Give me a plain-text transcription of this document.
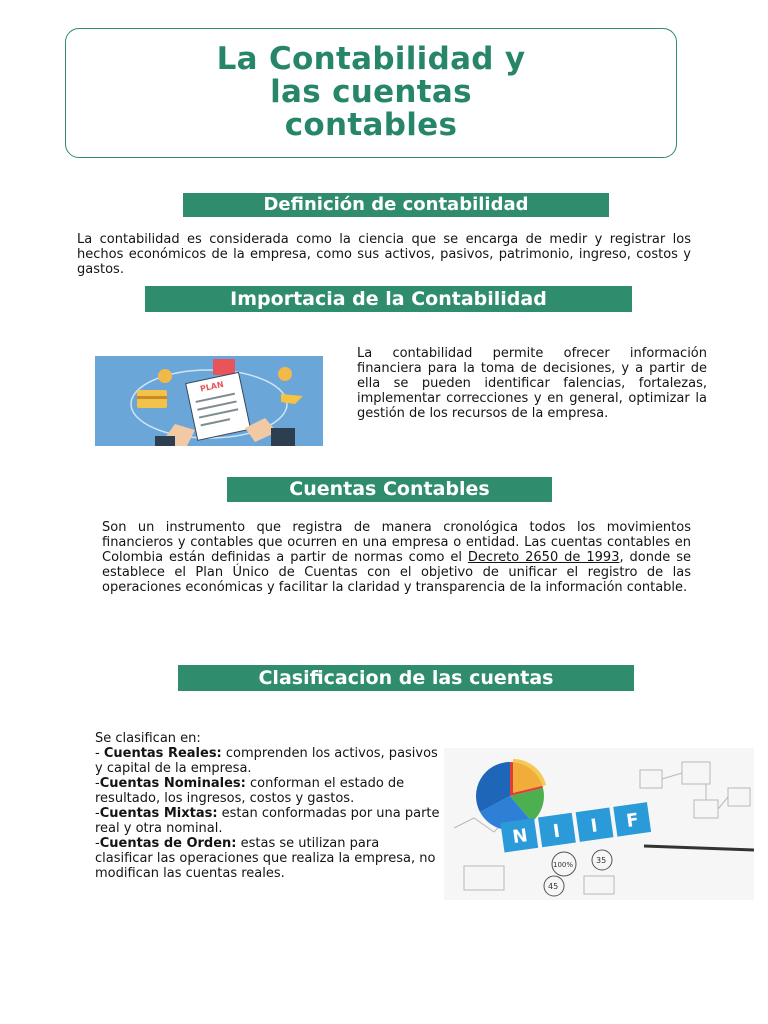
La Contabilidad y
las cuentas
contables
Definición de contabilidad

La contabilidad es considerada como la ciencia que se encarga de medir y registrar los hechos económicos de la empresa, como sus activos, pasivos, patrimonio, ingreso, costos y gastos.

Importacia de la Contabilidad
PLAN

La contabilidad permite ofrecer información financiera para la toma de decisiones, y a partir de ella se pueden identificar falencias, fortalezas, implementar correcciones y en general, optimizar la gestión de los recursos de la empresa.

Cuentas Contables

Son un instrumento que registra de manera cronológica todos los movimientos financieros y contables que ocurren en una empresa o entidad. Las cuentas contables en Colombia están definidas a partir de normas como el Decreto 2650 de 1993, donde se establece el Plan Único de Cuentas con el objetivo de unificar el registro de las operaciones económicas y facilitar la claridad y transparencia de la información contable.

Clasificacion de las cuentas

Se clasifican en:

- Cuentas Reales: comprenden los activos, pasivos y capital de la empresa.

-Cuentas Nominales: conforman el estado de resultado, los ingresos, costos y gastos.

-Cuentas Mixtas: estan conformadas por una parte real y otra nominal.

-Cuentas de Orden: estas se utilizan para clasificar las operaciones que realiza la empresa, no modifican las cuentas reales.

N I I F
100%	35
45
